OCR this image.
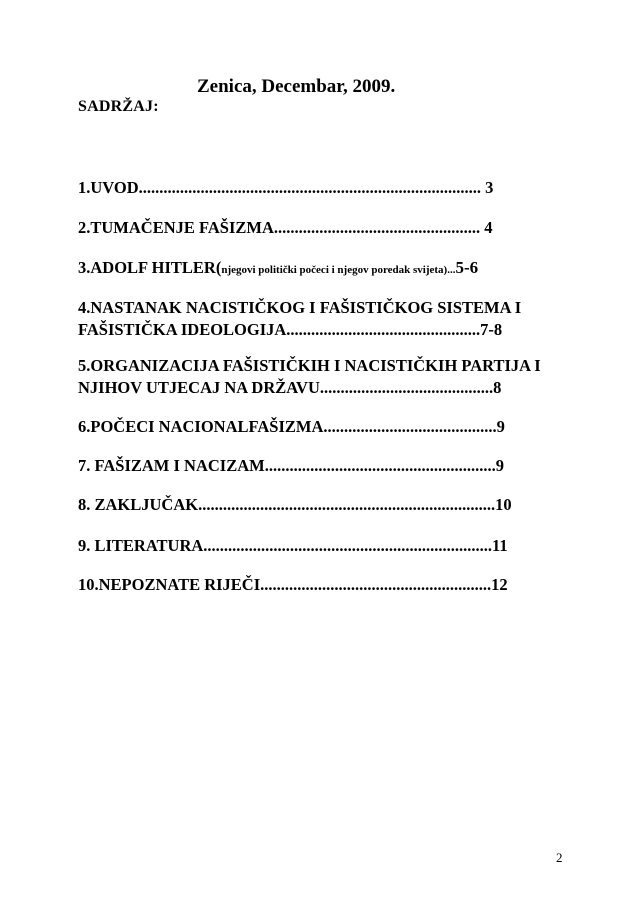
Zenica, Decembar, 2009.
SADRŽAJ:
1.UVOD................................................................................... 3
2.TUMAČENJE FAŠIZMA.................................................. 4
3.ADOLF HITLER(njegovi politički počeci i njegov poredak svijeta)...5-6
4.NASTANAK NACISTIČKOG I FAŠISTIČKOG SISTEMA I
FAŠISTIČKA IDEOLOGIJA...............................................7-8
5.ORGANIZACIJA FAŠISTIČKIH I NACISTIČKIH PARTIJA I
NJIHOV UTJECAJ NA DRŽAVU..........................................8
6.POČECI NACIONALFAŠIZMA..........................................9
7. FAŠIZAM I NACIZAM........................................................9
8. ZAKLJUČAK........................................................................10
9. LITERATURA......................................................................11
10.NEPOZNATE RIJEČI........................................................12
2
